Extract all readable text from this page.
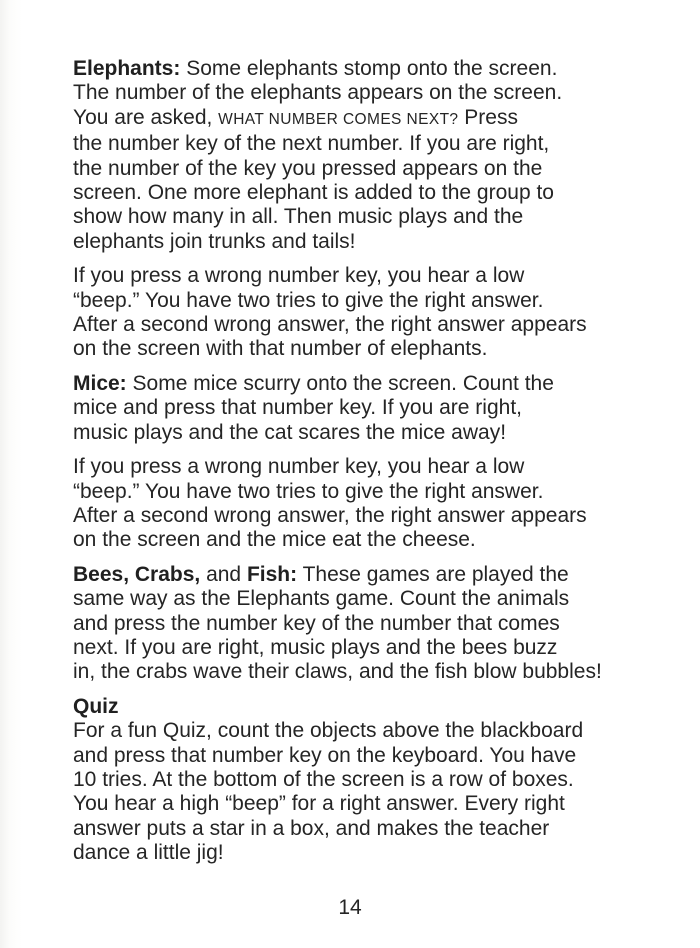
Elephants: Some elephants stomp onto the screen.
The number of the elephants appears on the screen.
You are asked, WHAT NUMBER COMES NEXT? Press
the number key of the next number. If you are right,
the number of the key you pressed appears on the
screen. One more elephant is added to the group to
show how many in all. Then music plays and the
elephants join trunks and tails!

If you press a wrong number key, you hear a low
“beep.” You have two tries to give the right answer.
After a second wrong answer, the right answer appears
on the screen with that number of elephants.

Mice: Some mice scurry onto the screen. Count the
mice and press that number key. If you are right,
music plays and the cat scares the mice away!

If you press a wrong number key, you hear a low
“beep.” You have two tries to give the right answer.
After a second wrong answer, the right answer appears
on the screen and the mice eat the cheese.

Bees, Crabs, and Fish: These games are played the
same way as the Elephants game. Count the animals
and press the number key of the number that comes
next. If you are right, music plays and the bees buzz
in, the crabs wave their claws, and the fish blow bubbles!

Quiz
For a fun Quiz, count the objects above the blackboard
and press that number key on the keyboard. You have
10 tries. At the bottom of the screen is a row of boxes.
You hear a high “beep” for a right answer. Every right
answer puts a star in a box, and makes the teacher
dance a little jig!

14
